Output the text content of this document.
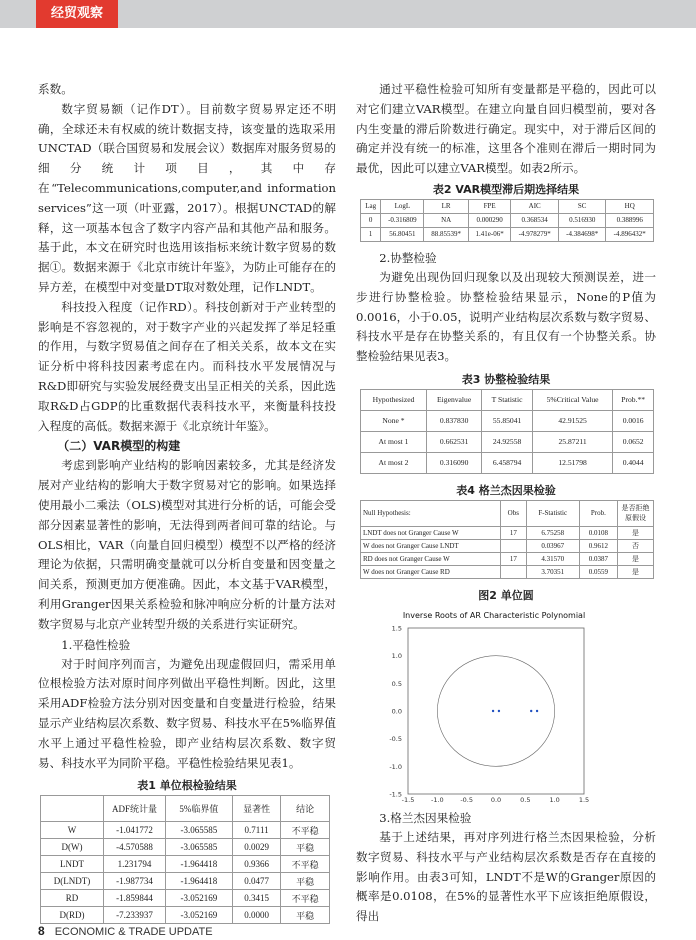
经贸观察

系数。

数字贸易额（记作DT）。目前数字贸易界定还不明确，全球还未有权威的统计数据支持，该变量的选取采用UNCTAD（联合国贸易和发展会议）数据库对服务贸易的细分统计项目，其中存在“Telecommunications,computer,and information services”这一项（叶亚露，2017）。根据UNCTAD的解释，这一项基本包含了数字内容产品和其他产品和服务。基于此，本文在研究时也选用该指标来统计数字贸易的数据①。数据来源于《北京市统计年鉴》，为防止可能存在的异方差，在模型中对变量DT取对数处理，记作LNDT。

科技投入程度（记作RD）。科技创新对于产业转型的影响是不容忽视的，对于数字产业的兴起发挥了举足轻重的作用，与数字贸易值之间存在了相关关系，故本文在实证分析中将科技因素考虑在内。而科技水平发展情况与R&D即研究与实验发展经费支出呈正相关的关系，因此选取R&D占GDP的比重数据代表科技水平，来衡量科技投入程度的高低。数据来源于《北京统计年鉴》。

（二）VAR模型的构建

考虑到影响产业结构的影响因素较多，尤其是经济发展对产业结构的影响大于数字贸易对它的影响。如果选择使用最小二乘法（OLS)模型对其进行分析的话，可能会受部分因素显著性的影响，无法得到两者间可靠的结论。与OLS相比，VAR（向量自回归模型）模型不以严格的经济理论为依据，只需明确变量就可以分析自变量和因变量之间关系，预测更加方便准确。因此，本文基于VAR模型，利用Granger因果关系检验和脉冲响应分析的计量方法对数字贸易与北京产业转型升级的关系进行实证研究。

1.平稳性检验

对于时间序列而言，为避免出现虚假回归，需采用单位根检验方法对原时间序列做出平稳性判断。因此，这里采用ADF检验方法分别对因变量和自变量进行检验，结果显示产业结构层次系数、数字贸易、科技水平在5%临界值水平上通过平稳性检验，即产业结构层次系数、数字贸易、科技水平为同阶平稳。平稳性检验结果见表1。

表1 单位根检验结果
	ADF统计量	5%临界值	显著性	结论
W	-1.041772	-3.065585	0.7111	不平稳
D(W)	-4.570588	-3.065585	0.0029	平稳
LNDT	1.231794	-1.964418	0.9366	不平稳
D(LNDT)	-1.987734	-1.964418	0.0477	平稳
RD	-1.859844	-3.052169	0.3415	不平稳
D(RD)	-7.233937	-3.052169	0.0000	平稳

通过平稳性检验可知所有变量都是平稳的，因此可以对它们建立VAR模型。在建立向量自回归模型前，要对各内生变量的滞后阶数进行确定。现实中，对于滞后区间的确定并没有统一的标准，这里各个准则在滞后一期时同为最优，因此可以建立VAR模型。如表2所示。

表2 VAR模型滞后期选择结果
Lag	LogL	LR	FPE	AIC	SC	HQ
0	-0.316809	NA	0.000290	0.368534	0.516930	0.388996
1	56.80451	88.85539*	1.41e-06*	-4.978279*	-4.384698*	-4.896432*

2.协整检验

为避免出现伪回归现象以及出现较大预测误差，进一步进行协整检验。协整检验结果显示，None的P值为0.0016，小于0.05，说明产业结构层次系数与数字贸易、科技水平是存在协整关系的，有且仅有一个协整关系。协整检验结果见表3。

表3 协整检验结果
Hypothesized	Eigenvalue	T Statistic	5%Critical Value	Prob.**
None *	0.837830	55.85041	42.91525	0.0016
At most 1	0.662531	24.92558	25.87211	0.0652
At most 2	0.316090	6.458794	12.51798	0.4044
表4 格兰杰因果检验
Null Hypothesis:	Obs	F-Statistic	Prob.	是否拒绝原假设
LNDT does not Granger Cause W	17	6.75258	0.0108	是
W does not Granger Cause LNDT		0.03967	0.9612	否
RD does not Granger Cause W	17	4.31570	0.0387	是
W does not Granger Cause RD		3.70351	0.0559	是
图2 单位圆
Inverse Roots of AR Characteristic Polynomial
1.5
1.0
0.5
0.0
-0.5
-1.0
-1.5
-1.5	-1.0	-0.5	0.0	0.5	1.0	1.5

3.格兰杰因果检验

基于上述结果，再对序列进行格兰杰因果检验，分析数字贸易、科技水平与产业结构层次系数是否存在直接的影响作用。由表3可知，LNDT不是W的Granger原因的概率是0.0108，在5%的显著性水平下应该拒绝原假设，得出

8 ECONOMIC & TRADE UPDATE
